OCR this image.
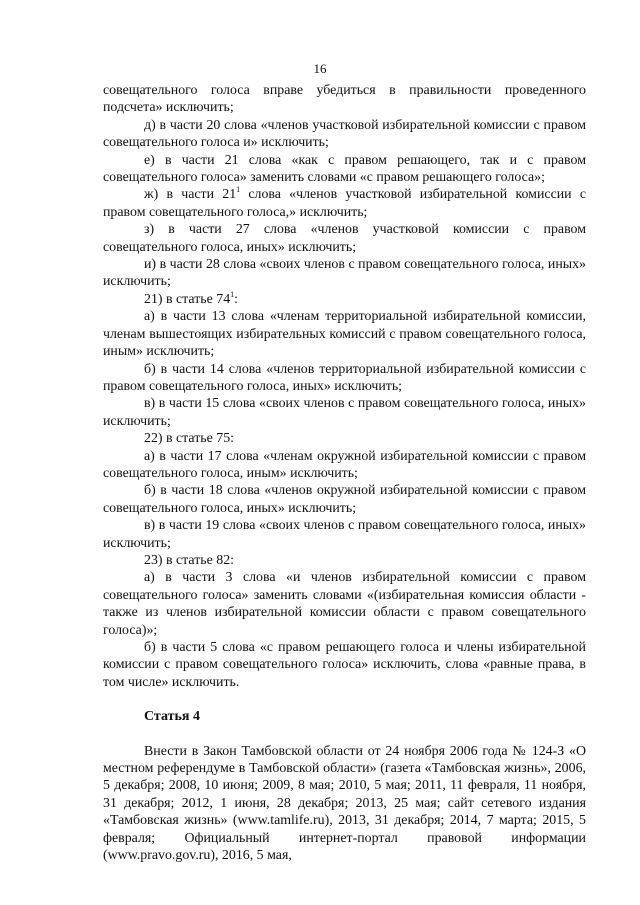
16

совещательного голоса вправе убедиться в правильности проведенного подсчета» исключить;

д) в части 20 слова «членов участковой избирательной комиссии с правом совещательного голоса и» исключить;

е) в части 21 слова «как с правом решающего, так и с правом совещательного голоса» заменить словами «с правом решающего голоса»;

ж) в части $21^1$ слова «членов участковой избирательной комиссии с правом совещательного голоса,» исключить;

з) в части 27 слова «членов участковой комиссии с правом совещательного голоса, иных» исключить;

и) в части 28 слова «своих членов с правом совещательного голоса, иных» исключить;

21) в статье $74^1$:

а) в части 13 слова «членам территориальной избирательной комиссии, членам вышестоящих избирательных комиссий с правом совещательного голоса, иным» исключить;

б) в части 14 слова «членов территориальной избирательной комиссии с правом совещательного голоса, иных» исключить;

в) в части 15 слова «своих членов с правом совещательного голоса, иных» исключить;

22) в статье 75:

а) в части 17 слова «членам окружной избирательной комиссии с правом совещательного голоса, иным» исключить;

б) в части 18 слова «членов окружной избирательной комиссии с правом совещательного голоса, иных» исключить;

в) в части 19 слова «своих членов с правом совещательного голоса, иных» исключить;

23) в статье 82:

а) в части 3 слова «и членов избирательной комиссии с правом совещательного голоса» заменить словами «(избирательная комиссия области - также из членов избирательной комиссии области с правом совещательного голоса)»;

б) в части 5 слова «с правом решающего голоса и члены избирательной комиссии с правом совещательного голоса» исключить, слова «равные права, в том числе» исключить.

Статья 4

Внести в Закон Тамбовской области от 24 ноября 2006 года № 124-З «О местном референдуме в Тамбовской области» (газета «Тамбовская жизнь», 2006, 5 декабря; 2008, 10 июня; 2009, 8 мая; 2010, 5 мая; 2011, 11 февраля, 11 ноября, 31 декабря; 2012, 1 июня, 28 декабря; 2013, 25 мая; сайт сетевого издания «Тамбовская жизнь» (www.tamlife.ru), 2013, 31 декабря; 2014, 7 марта; 2015, 5 февраля; Официальный интернет-портал правовой информации (www.pravo.gov.ru), 2016, 5 мая,
